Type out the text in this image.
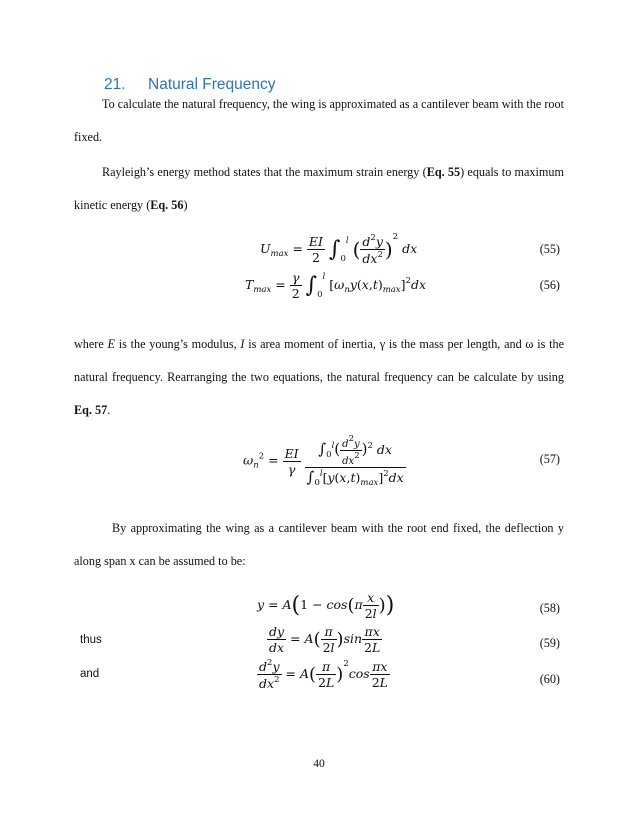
21. Natural Frequency

To calculate the natural frequency, the wing is approximated as a cantilever beam with the root fixed.

Rayleigh’s energy method states that the maximum strain energy (Eq. 55) equals to maximum kinetic energy (Eq. 56)

$U_{max} = \frac{EI}{2} \int_0^l$ ( $\frac{d^2y}{dx^2} )^2$ dx	(55)
$T_{max} = \frac{\gamma}{2} \int_0^l$ $[\omega_ny(x,t)_{max}]^2dx$	(56)

where E is the young’s modulus, I is area moment of inertia, γ is the mass per length, and ω is the natural frequency. Rearranging the two equations, the natural frequency can be calculate by using Eq. 57.

$\omega_n^2 = \frac{EI}{\gamma}$
$\frac{\int_0^l( \frac{d^2y}{dx^2} )^2 dx}{\int_0^l[y(x,t)_{max}]^2dx}$	(57)

By approximating the wing as a cantilever beam with the root end fixed, the deflection y along span x can be assumed to be:

$y = A(1 - \cos(\pi \frac{x}{2l}$ ))	(58)
thus	$\frac{dy}{dx} = A( \frac{\pi}{2l} )\sin \frac{\pi x}{2L}$	(59)
and	$\frac{d^2y}{dx^2} = A( \frac{\pi}{2L} )^2\cos \frac{\pi x}{2L}$	(60)
40
